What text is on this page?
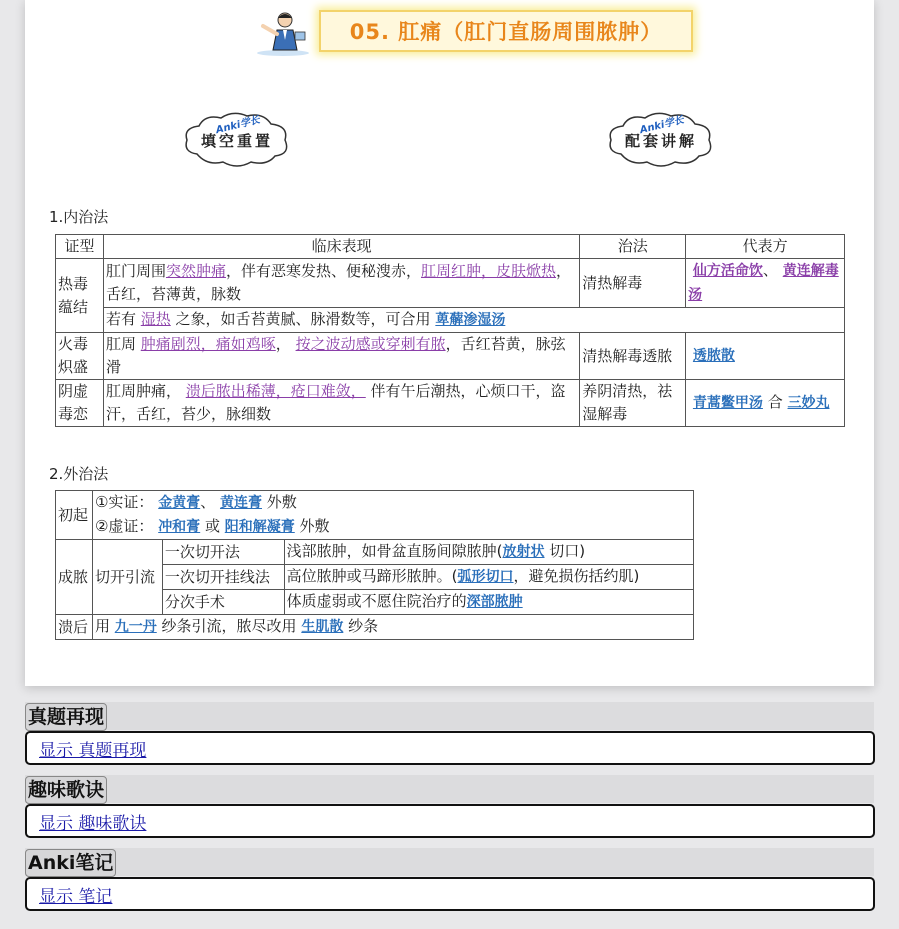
05. 肛痛（肛门直肠周围脓肿）
Anki学长
填空重置
Anki学长
配套讲解
1.内治法
证型	临床表现	治法	代表方
热毒蕴结	肛门周围突然肿痛，伴有恶寒发热、便秘溲赤，肛周红肿，皮肤焮热，舌红，苔薄黄，脉数	清热解毒	仙方活命饮、 黄连解毒汤
	若有 湿热 之象，如舌苔黄腻、脉滑数等，可合用 萆薢渗湿汤		
火毒炽盛	肛周 肿痛剧烈，痛如鸡啄， 按之波动感或穿刺有脓，舌红苔黄，脉弦滑	清热解毒透脓	透脓散
阴虚毒恋	肛周肿痛， 溃后脓出稀薄，疮口难敛， 伴有午后潮热，心烦口干，盗汗，舌红，苔少，脉细数	养阴清热，祛湿解毒	青蒿鳖甲汤 合 三妙丸
2.外治法
初起	①实证： 金黄膏、 黄连膏 外敷
②虚证： 冲和膏 或 阳和解凝膏 外敷		

成脓	切开引流	一次切开法	浅部脓肿，如骨盆直肠间隙脓肿(放射状 切口)
		一次切开挂线法	高位脓肿或马蹄形脓肿。(弧形切口，避免损伤括约肌)
		分次手术	体质虚弱或不愿住院治疗的深部脓肿
溃后	用 九一丹 纱条引流，脓尽改用 生肌散 纱条		
真题再现
显示 真题再现
趣味歌诀
显示 趣味歌诀
Anki笔记
显示 笔记
